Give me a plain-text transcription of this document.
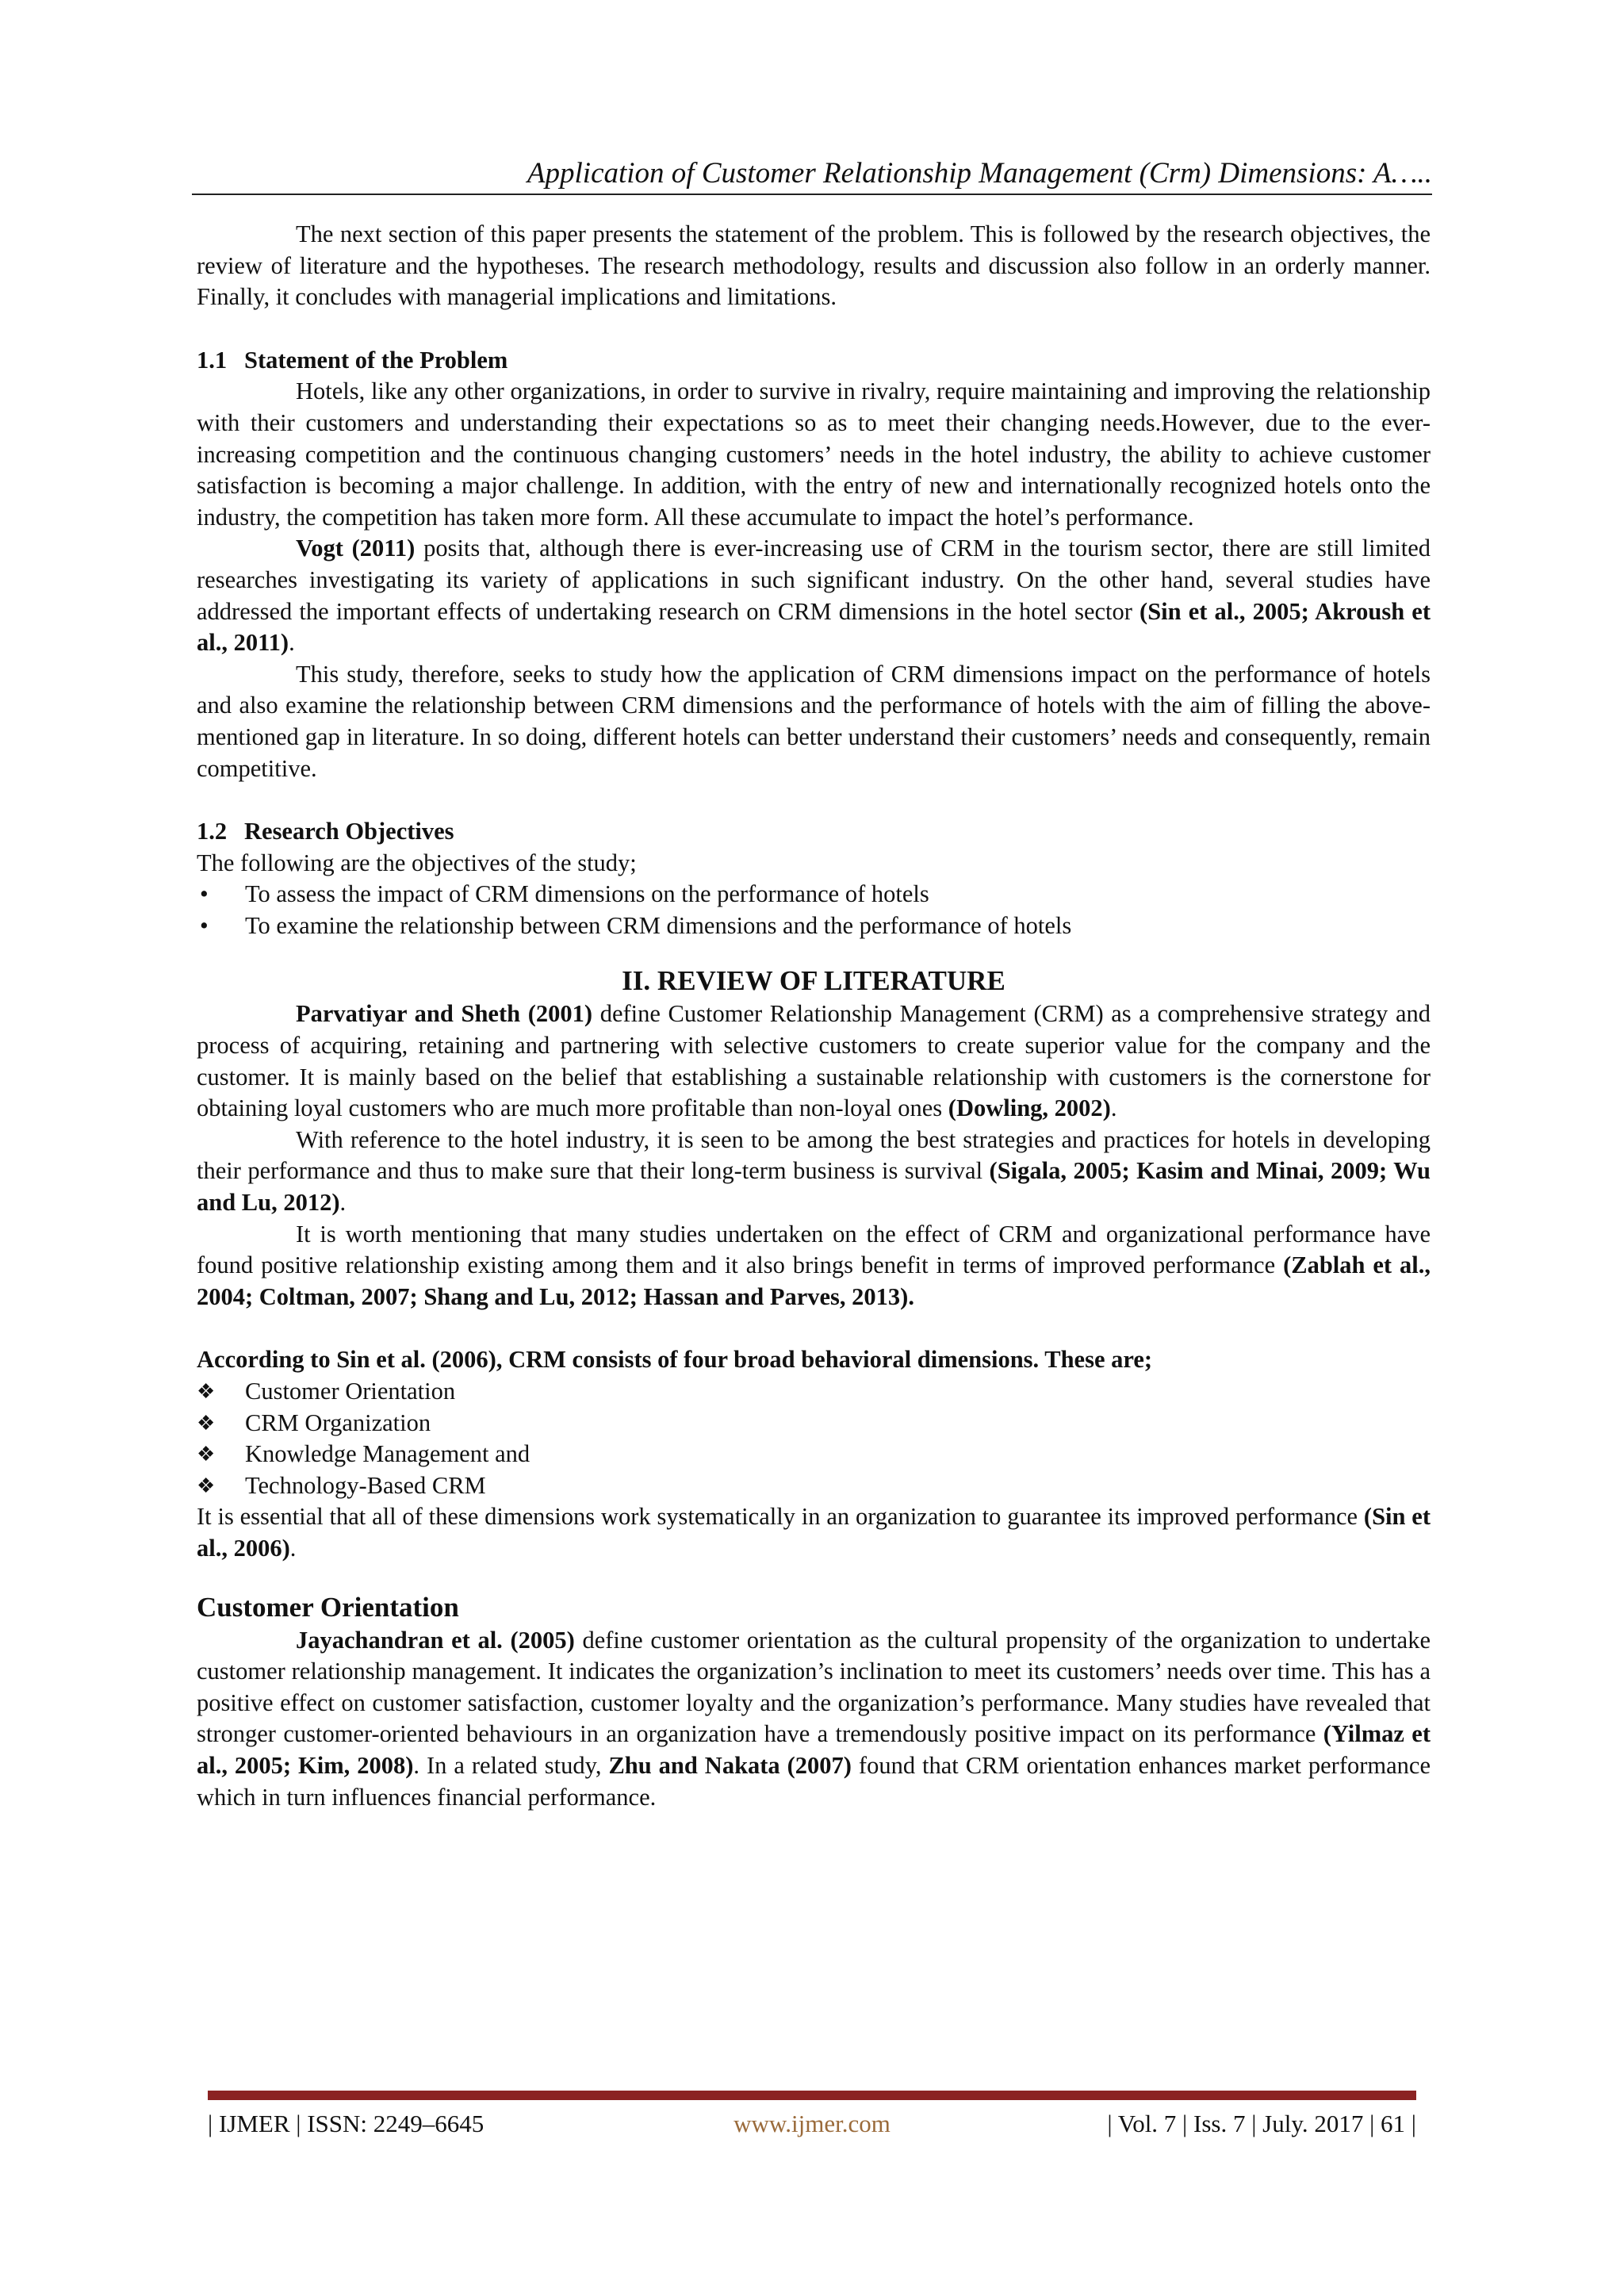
Application of Customer Relationship Management (Crm) Dimensions: A…..

The next section of this paper presents the statement of the problem. This is followed by the research objectives, the review of literature and the hypotheses. The research methodology, results and discussion also follow in an orderly manner. Finally, it concludes with managerial implications and limitations.

1.1 Statement of the Problem

Hotels, like any other organizations, in order to survive in rivalry, require maintaining and improving the relationship with their customers and understanding their expectations so as to meet their changing needs.However, due to the ever-increasing competition and the continuous changing customers’ needs in the hotel industry, the ability to achieve customer satisfaction is becoming a major challenge. In addition, with the entry of new and internationally recognized hotels onto the industry, the competition has taken more form. All these accumulate to impact the hotel’s performance.

Vogt (2011) posits that, although there is ever-increasing use of CRM in the tourism sector, there are still limited researches investigating its variety of applications in such significant industry. On the other hand, several studies have addressed the important effects of undertaking research on CRM dimensions in the hotel sector (Sin et al., 2005; Akroush et al., 2011).

This study, therefore, seeks to study how the application of CRM dimensions impact on the performance of hotels and also examine the relationship between CRM dimensions and the performance of hotels with the aim of filling the above-mentioned gap in literature. In so doing, different hotels can better understand their customers’ needs and consequently, remain competitive.

1.2 Research Objectives

The following are the objectives of the study;

• To assess the impact of CRM dimensions on the performance of hotels
• To examine the relationship between CRM dimensions and the performance of hotels

II. REVIEW OF LITERATURE

Parvatiyar and Sheth (2001) define Customer Relationship Management (CRM) as a comprehensive strategy and process of acquiring, retaining and partnering with selective customers to create superior value for the company and the customer. It is mainly based on the belief that establishing a sustainable relationship with customers is the cornerstone for obtaining loyal customers who are much more profitable than non-loyal ones (Dowling, 2002).

With reference to the hotel industry, it is seen to be among the best strategies and practices for hotels in developing their performance and thus to make sure that their long-term business is survival (Sigala, 2005; Kasim and Minai, 2009; Wu and Lu, 2012).

It is worth mentioning that many studies undertaken on the effect of CRM and organizational performance have found positive relationship existing among them and it also brings benefit in terms of improved performance (Zablah et al., 2004; Coltman, 2007; Shang and Lu, 2012; Hassan and Parves, 2013).

According to Sin et al. (2006), CRM consists of four broad behavioral dimensions. These are;

❖ Customer Orientation
❖ CRM Organization
❖ Knowledge Management and
❖ Technology-Based CRM

It is essential that all of these dimensions work systematically in an organization to guarantee its improved performance (Sin et al., 2006).

Customer Orientation

Jayachandran et al. (2005) define customer orientation as the cultural propensity of the organization to undertake customer relationship management. It indicates the organization’s inclination to meet its customers’ needs over time. This has a positive effect on customer satisfaction, customer loyalty and the organization’s performance. Many studies have revealed that stronger customer-oriented behaviours in an organization have a tremendously positive impact on its performance (Yilmaz et al., 2005; Kim, 2008). In a related study, Zhu and Nakata (2007) found that CRM orientation enhances market performance which in turn influences financial performance.

| IJMER | ISSN: 2249–6645	www.ijmer.com	| Vol. 7 | Iss. 7 | July. 2017 | 61 |
